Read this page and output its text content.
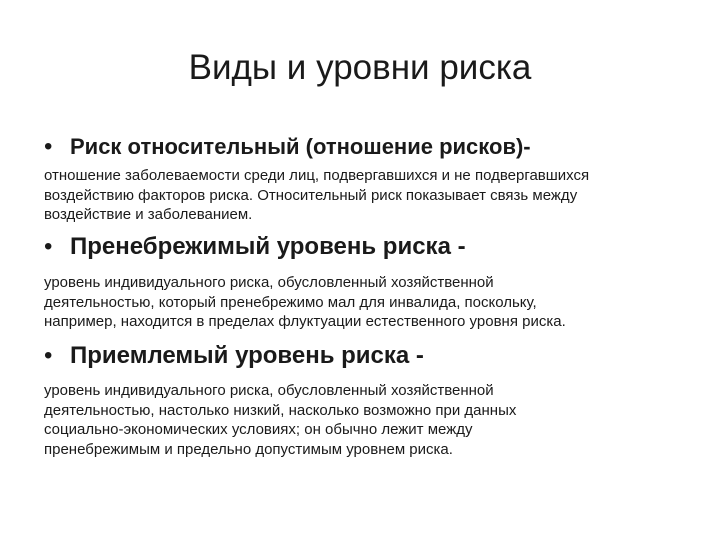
Виды и уровни риска
• Риск относительный (отношение рисков)-

отношение заболеваемости среди лиц, подвергавшихся и не подвергавшихся
воздействию факторов риска. Относительный риск показывает связь между
воздействие и заболеванием.

• Пренебрежимый уровень риска -

уровень индивидуального риска, обусловленный хозяйственной
деятельностью, который пренебрежимо мал для инвалида, поскольку,
например, находится в пределах флуктуации естественного уровня риска.

• Приемлемый уровень риска -

уровень индивидуального риска, обусловленный хозяйственной
деятельностью, настолько низкий, насколько возможно при данных
социально-экономических условиях; он обычно лежит между
пренебрежимым и предельно допустимым уровнем риска.
